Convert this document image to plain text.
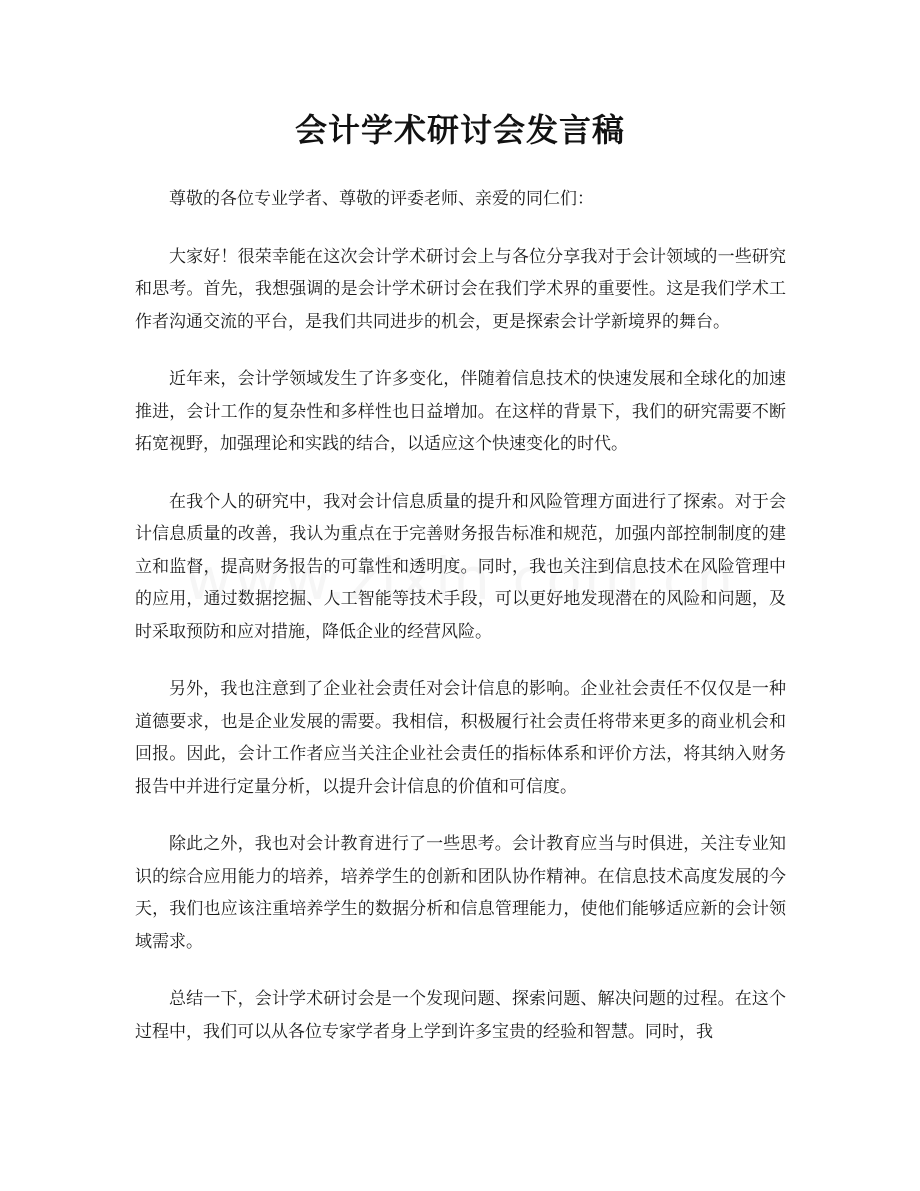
会计学术研讨会发言稿

尊敬的各位专业学者、尊敬的评委老师、亲爱的同仁们：

大家好！很荣幸能在这次会计学术研讨会上与各位分享我对于会计领域的一些研究和思考。首先，我想强调的是会计学术研讨会在我们学术界的重要性。这是我们学术工作者沟通交流的平台，是我们共同进步的机会，更是探索会计学新境界的舞台。

近年来，会计学领域发生了许多变化，伴随着信息技术的快速发展和全球化的加速推进，会计工作的复杂性和多样性也日益增加。在这样的背景下，我们的研究需要不断拓宽视野，加强理论和实践的结合，以适应这个快速变化的时代。

在我个人的研究中，我对会计信息质量的提升和风险管理方面进行了探索。对于会计信息质量的改善，我认为重点在于完善财务报告标准和规范，加强内部控制制度的建立和监督，提高财务报告的可靠性和透明度。同时，我也关注到信息技术在风险管理中的应用，通过数据挖掘、人工智能等技术手段，可以更好地发现潜在的风险和问题，及时采取预防和应对措施，降低企业的经营风险。

另外，我也注意到了企业社会责任对会计信息的影响。企业社会责任不仅仅是一种道德要求，也是企业发展的需要。我相信，积极履行社会责任将带来更多的商业机会和回报。因此，会计工作者应当关注企业社会责任的指标体系和评价方法，将其纳入财务报告中并进行定量分析，以提升会计信息的价值和可信度。

除此之外，我也对会计教育进行了一些思考。会计教育应当与时俱进，关注专业知识的综合应用能力的培养，培养学生的创新和团队协作精神。在信息技术高度发展的今天，我们也应该注重培养学生的数据分析和信息管理能力，使他们能够适应新的会计领域需求。

总结一下，会计学术研讨会是一个发现问题、探索问题、解决问题的过程。在这个过程中，我们可以从各位专家学者身上学到许多宝贵的经验和智慧。同时，我
